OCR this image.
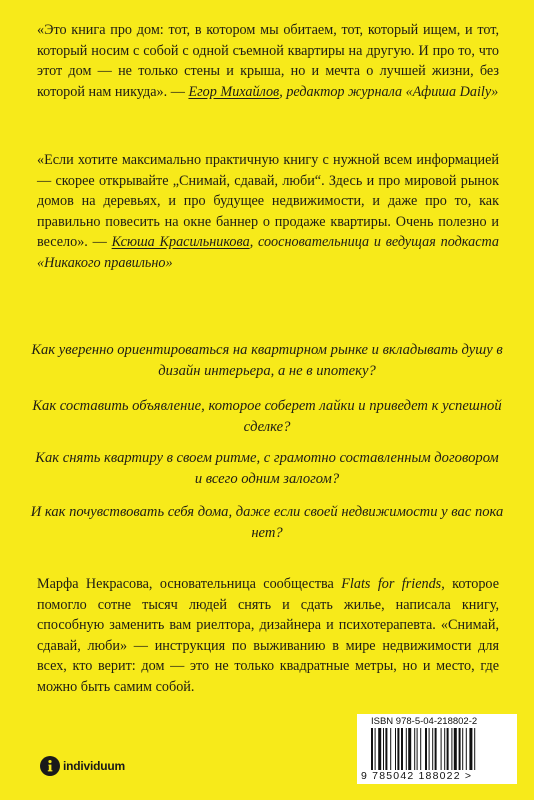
«Это книга про дом: тот, в котором мы обитаем, тот, который ищем, и тот, который носим с собой с одной съемной квартиры на другую. И про то, что этот дом — не только стены и крыша, но и мечта о лучшей жизни, без которой нам никуда». — Егор Михайлов, редактор журнала «Афиша Daily»

«Если хотите максимально практичную книгу с нужной всем информацией — скорее открывайте „Снимай, сдавай, люби“. Здесь и про мировой рынок домов на деревьях, и про будущее недвижимости, и даже про то, как правильно повесить на окне баннер о продаже квартиры. Очень полезно и весело». — Ксюша Красильникова, соосновательница и ведущая подкаста «Никакого правильно»

Как уверенно ориентироваться на квартирном рынке и вкладывать душу в дизайн интерьера, а не в ипотеку?

Как составить объявление, которое соберет лайки и приведет к успешной сделке?

Как снять квартиру в своем ритме, с грамотно составленным договором и всего одним залогом?

И как почувствовать себя дома, даже если своей недвижимости у вас пока нет?

Марфа Некрасова, основательница сообщества Flats for friends, которое помогло сотне тысяч людей снять и сдать жилье, написала книгу, способную заменить вам риелтора, дизайнера и психотерапевта. «Снимай, сдавай, люби» — инструкция по выживанию в мире недвижимости для всех, кто верит: дом — это не только квадратные метры, но и место, где можно быть самим собой.

individuum
ISBN 978-5-04-218802-2
9 785042 188022 >
